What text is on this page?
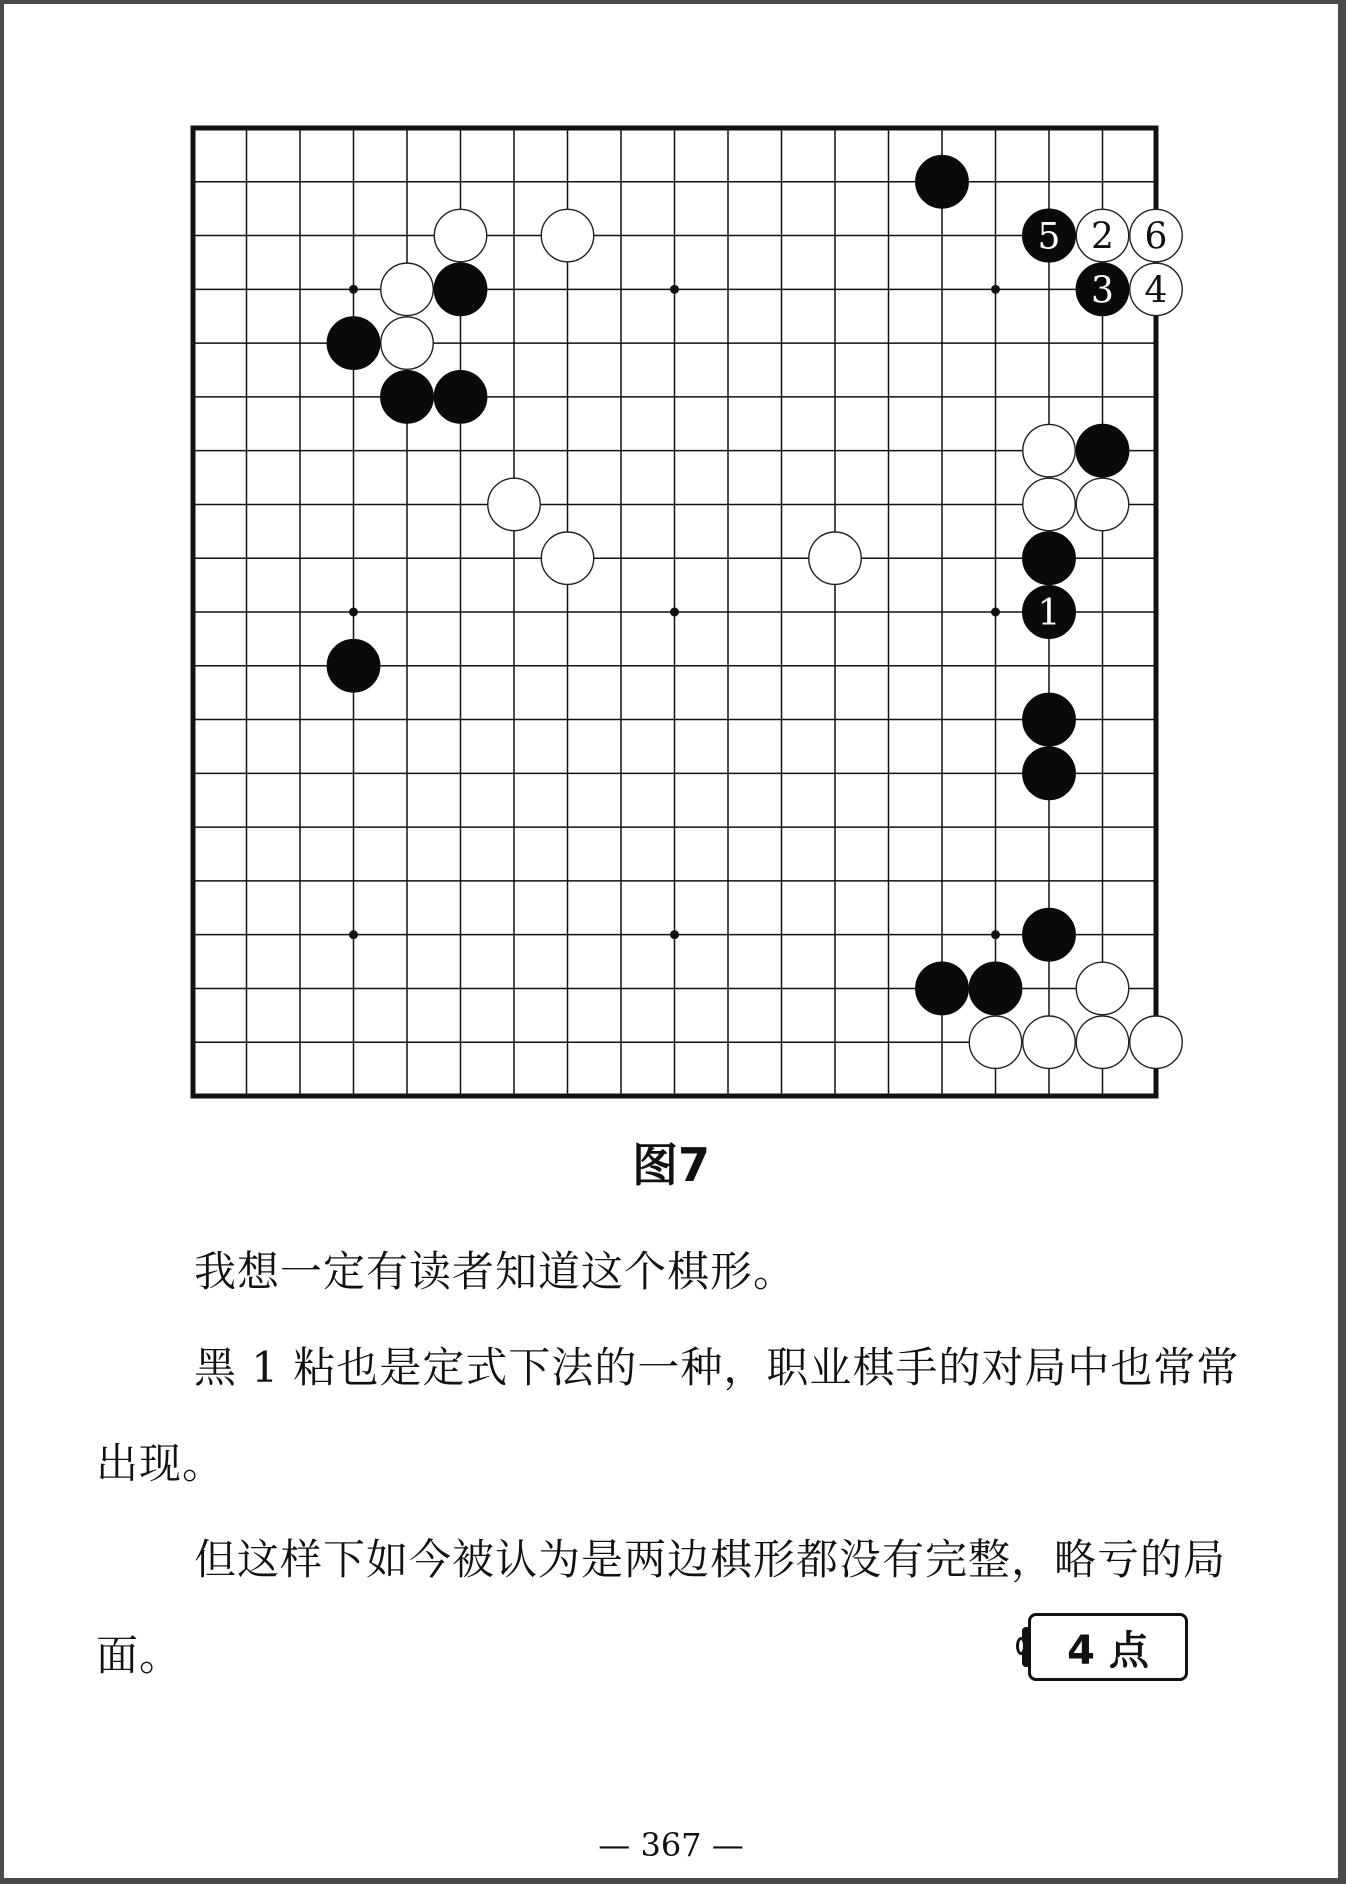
1
2
3 4
5 6
图7

我想一定有读者知道这个棋形。

黑 1 粘也是定式下法的一种，职业棋手的对局中也常常出现。

但这样下如今被认为是两边棋形都没有完整，略亏的局面。	4 点
— 367 —
